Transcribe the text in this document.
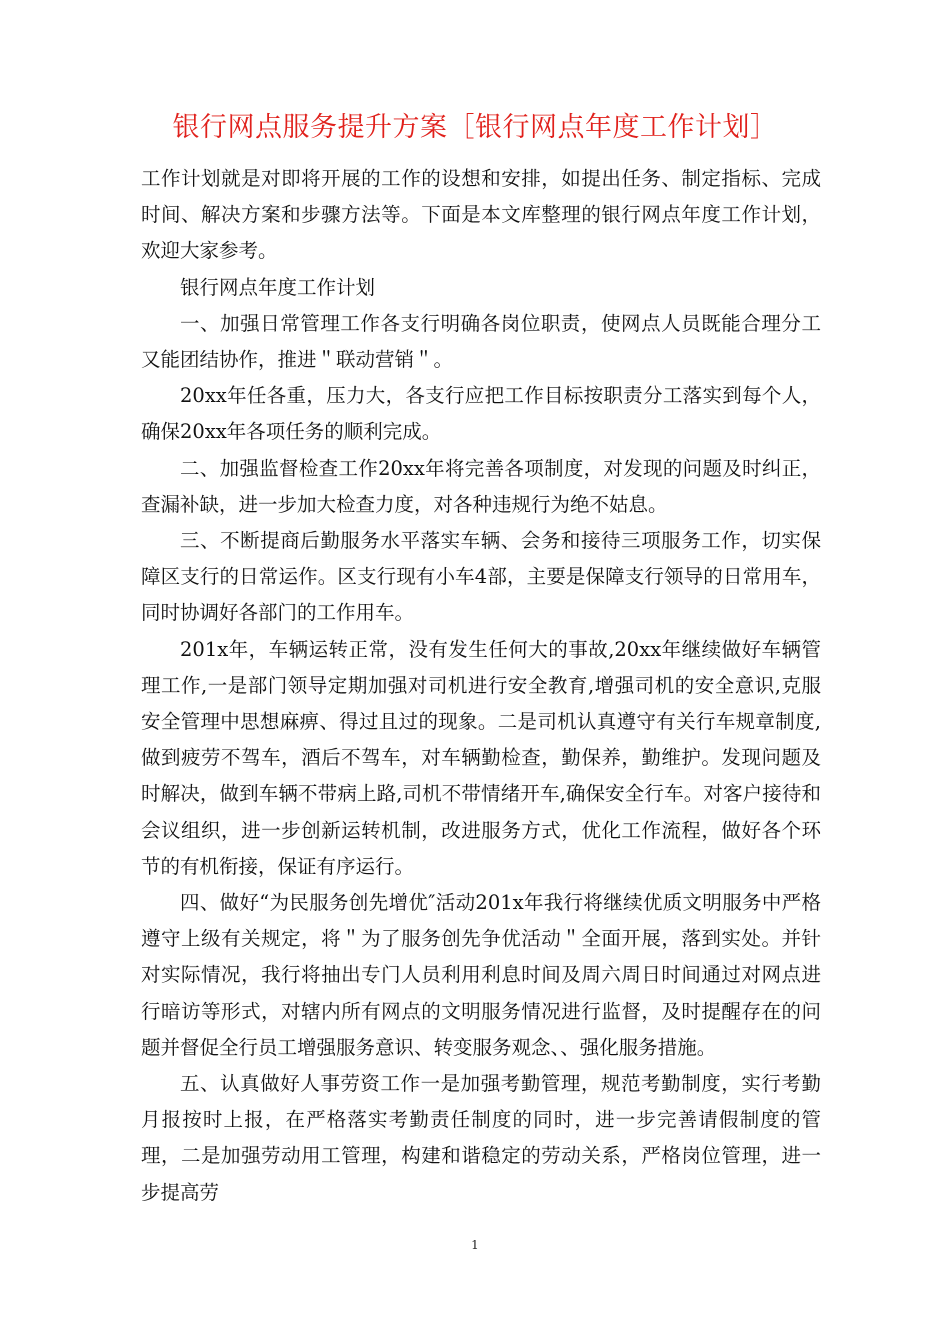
银行网点服务提升方案［银行网点年度工作计划］

工作计划就是对即将开展的工作的设想和安排，如提出任务、制定指标、完成时间、解决方案和步骤方法等。下面是本文库整理的银行网点年度工作计划，欢迎大家参考。

银行网点年度工作计划

一、加强日常管理工作各支行明确各岗位职责，使网点人员既能合理分工又能团结协作，推进＂联动营销＂。

20xx年任各重，压力大，各支行应把工作目标按职责分工落实到每个人，确保20xx年各项任务的顺利完成。

二、加强监督检查工作20xx年将完善各项制度，对发现的问题及时纠正，查漏补缺，进一步加大检查力度，对各种违规行为绝不姑息。

三、不断提商后勤服务水平落实车辆、会务和接待三项服务工作，切实保障区支行的日常运作。区支行现有小车4部，主要是保障支行领导的日常用车，同时协调好各部门的工作用车。

201x年，车辆运转正常，没有发生任何大的事故,20xx年继续做好车辆管理工作,一是部门领导定期加强对司机进行安全教育,增强司机的安全意识,克服安全管理中思想麻痹、得过且过的现象。二是司机认真遵守有关行车规章制度,做到疲劳不驾车，酒后不驾车，对车辆勤检查，勤保养，勤维护。发现问题及时解决，做到车辆不带病上路,司机不带情绪开车,确保安全行车。对客户接待和会议组织，进一步创新运转机制，改进服务方式，优化工作流程，做好各个环节的有机衔接，保证有序运行。

四、做好“为民服务创先增优″活动201x年我行将继续优质文明服务中严格遵守上级有关规定，将＂为了服务创先争优活动＂全面开展，落到实处。并针对实际情况，我行将抽出专门人员利用利息时间及周六周日时间通过对网点进行暗访等形式，对辖内所有网点的文明服务情况进行监督，及时提醒存在的问题并督促全行员工增强服务意识、转变服务观念、、强化服务措施。

五、认真做好人事劳资工作一是加强考勤管理，规范考勤制度，实行考勤月报按时上报，在严格落实考勤责任制度的同时，进一步完善请假制度的管理，二是加强劳动用工管理，构建和谐稳定的劳动关系，严格岗位管理，进一步提高劳

1
